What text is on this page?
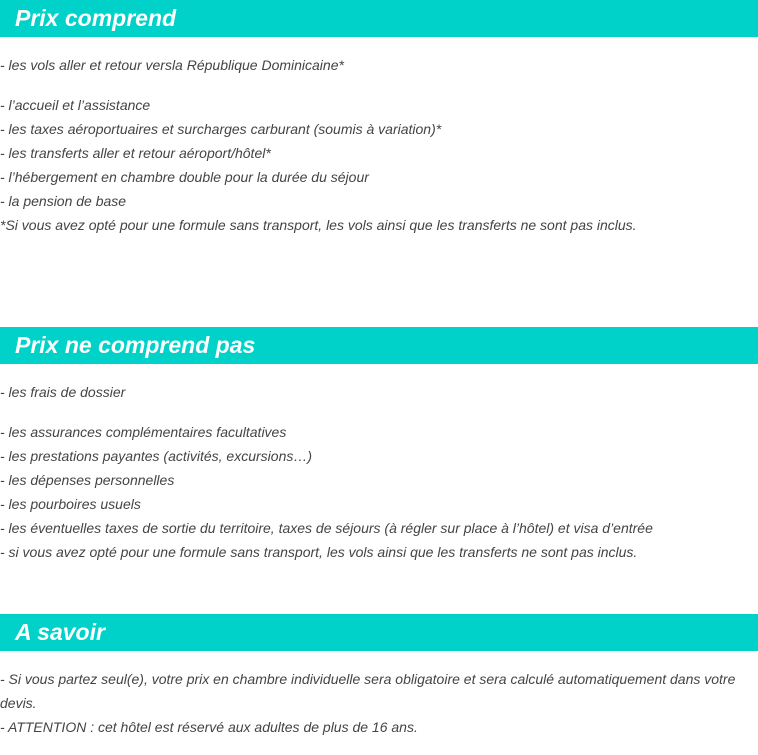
Prix comprend
- les vols aller et retour versla République Dominicaine*
- l’accueil et l’assistance
- les taxes aéroportuaires et surcharges carburant (soumis à variation)*
- les transferts aller et retour aéroport/hôtel*
- l’hébergement en chambre double pour la durée du séjour
- la pension de base
*Si vous avez opté pour une formule sans transport, les vols ainsi que les transferts ne sont pas inclus.
Prix ne comprend pas
- les frais de dossier
- les assurances complémentaires facultatives
- les prestations payantes (activités, excursions…)
- les dépenses personnelles
- les pourboires usuels
- les éventuelles taxes de sortie du territoire, taxes de séjours (à régler sur place à l’hôtel) et visa d’entrée
- si vous avez opté pour une formule sans transport, les vols ainsi que les transferts ne sont pas inclus.
A savoir
- Si vous partez seul(e), votre prix en chambre individuelle sera obligatoire et sera calculé automatiquement dans votre devis.
- ATTENTION : cet hôtel est réservé aux adultes de plus de 16 ans.
